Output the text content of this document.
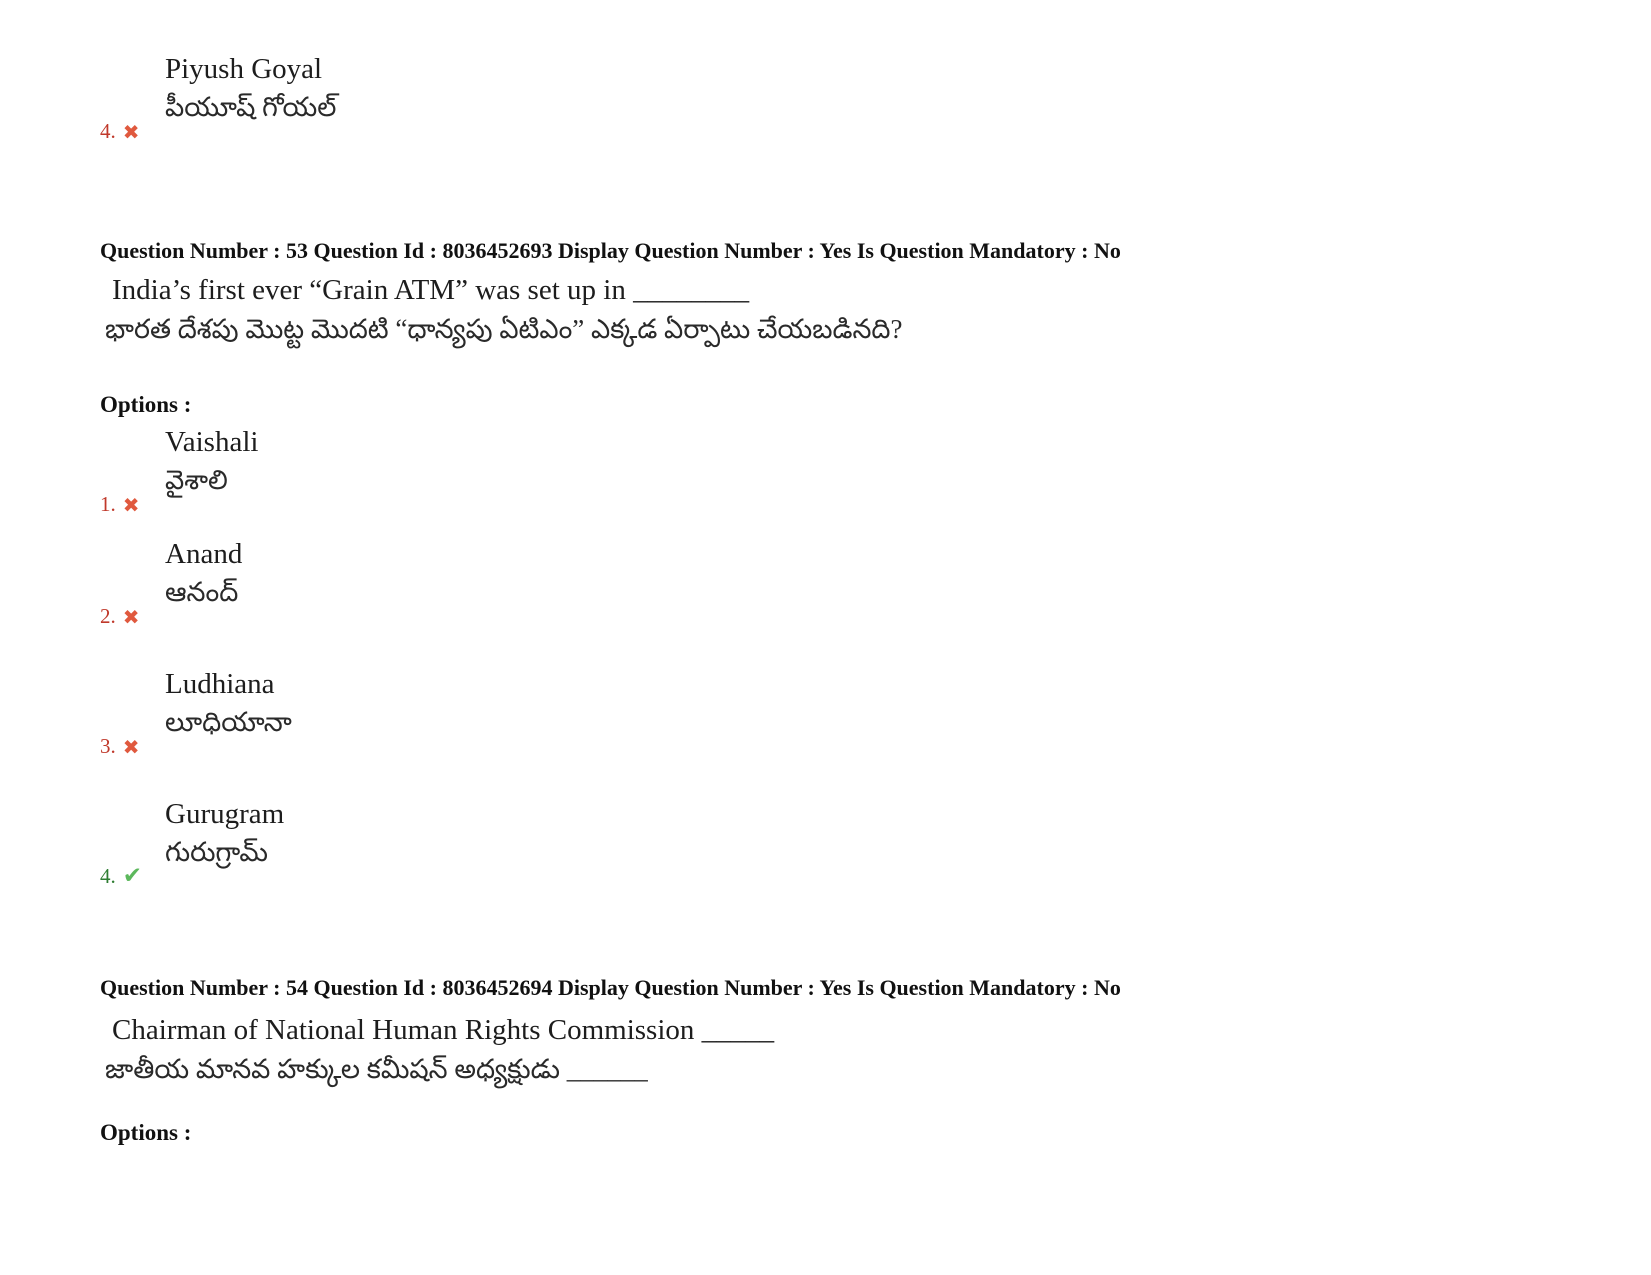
Piyush Goyal
పీయూష్ గోయల్
4. ✖
Question Number : 53 Question Id : 8036452693 Display Question Number : Yes Is Question Mandatory : No
India’s first ever “Grain ATM” was set up in ________
భారత దేశపు మొట్ట మొదటి “ధాన్యపు ఏటిఎం” ఎక్కడ ఏర్పాటు చేయబడినది?
Options :
Vaishali
వైశాలి
1. ✖
Anand
ఆనంద్
2. ✖
Ludhiana
లూధియానా
3. ✖
Gurugram
గురుగ్రామ్
4. ✔
Question Number : 54 Question Id : 8036452694 Display Question Number : Yes Is Question Mandatory : No
Chairman of National Human Rights Commission _____
జాతీయ మానవ హక్కుల కమీషన్ అధ్యక్షుడు ______
Options :
